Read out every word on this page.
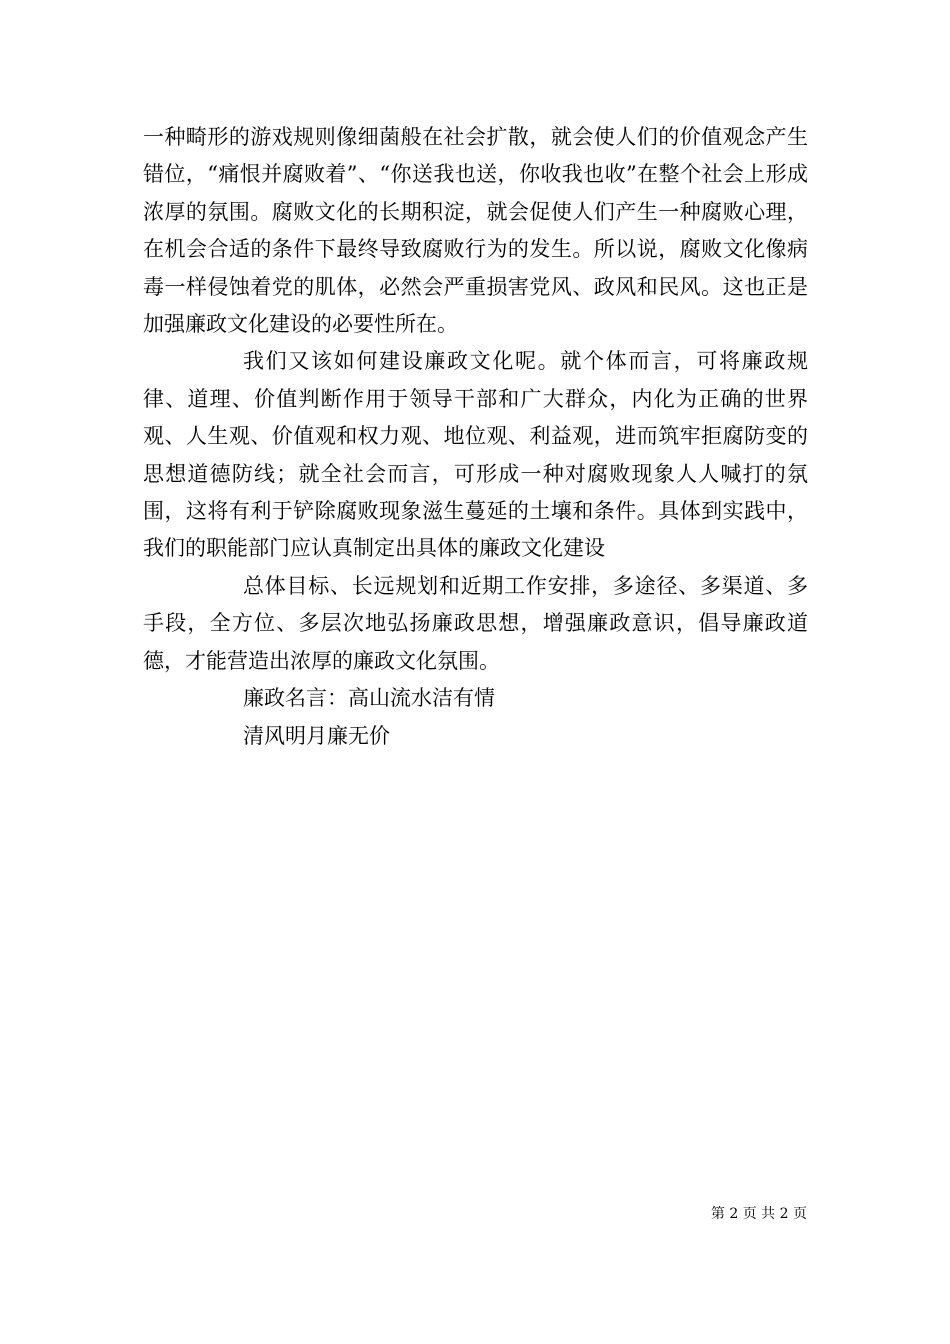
一种畸形的游戏规则像细菌般在社会扩散，就会使人们的价值观念产生错位，“痛恨并腐败着”、“你送我也送，你收我也收”在整个社会上形成浓厚的氛围。腐败文化的长期积淀，就会促使人们产生一种腐败心理，在机会合适的条件下最终导致腐败行为的发生。所以说，腐败文化像病毒一样侵蚀着党的肌体，必然会严重损害党风、政风和民风。这也正是加强廉政文化建设的必要性所在。

我们又该如何建设廉政文化呢。就个体而言，可将廉政规律、道理、价值判断作用于领导干部和广大群众，内化为正确的世界观、人生观、价值观和权力观、地位观、利益观，进而筑牢拒腐防变的思想道德防线；就全社会而言，可形成一种对腐败现象人人喊打的氛围，这将有利于铲除腐败现象滋生蔓延的土壤和条件。具体到实践中，我们的职能部门应认真制定出具体的廉政文化建设

总体目标、长远规划和近期工作安排，多途径、多渠道、多手段，全方位、多层次地弘扬廉政思想，增强廉政意识，倡导廉政道德，才能营造出浓厚的廉政文化氛围。

廉政名言：高山流水洁有情

清风明月廉无价

第 2 页 共 2 页
